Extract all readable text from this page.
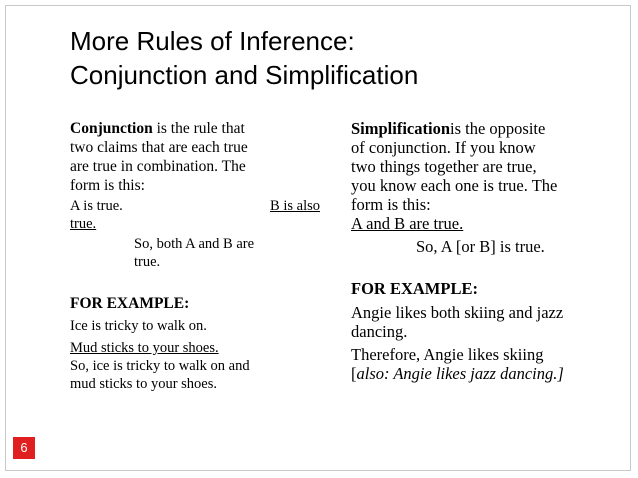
More Rules of Inference:
Conjunction and Simplification

Conjunction is the rule that

two claims that are each true

are true in combination. The

form is this:

A is true.	B is also

true.

So, both A and B are

true.

FOR EXAMPLE:

Ice is tricky to walk on.

Mud sticks to your shoes.

So, ice is tricky to walk on and

mud sticks to your shoes.

Simplificationis the opposite

of conjunction. If you know

two things together are true,

you know each one is true. The

form is this:

A and B are true.

So, A [or B] is true.

FOR EXAMPLE:

Angie likes both skiing and jazz

dancing.

Therefore, Angie likes skiing

[also: Angie likes jazz dancing.]

6
